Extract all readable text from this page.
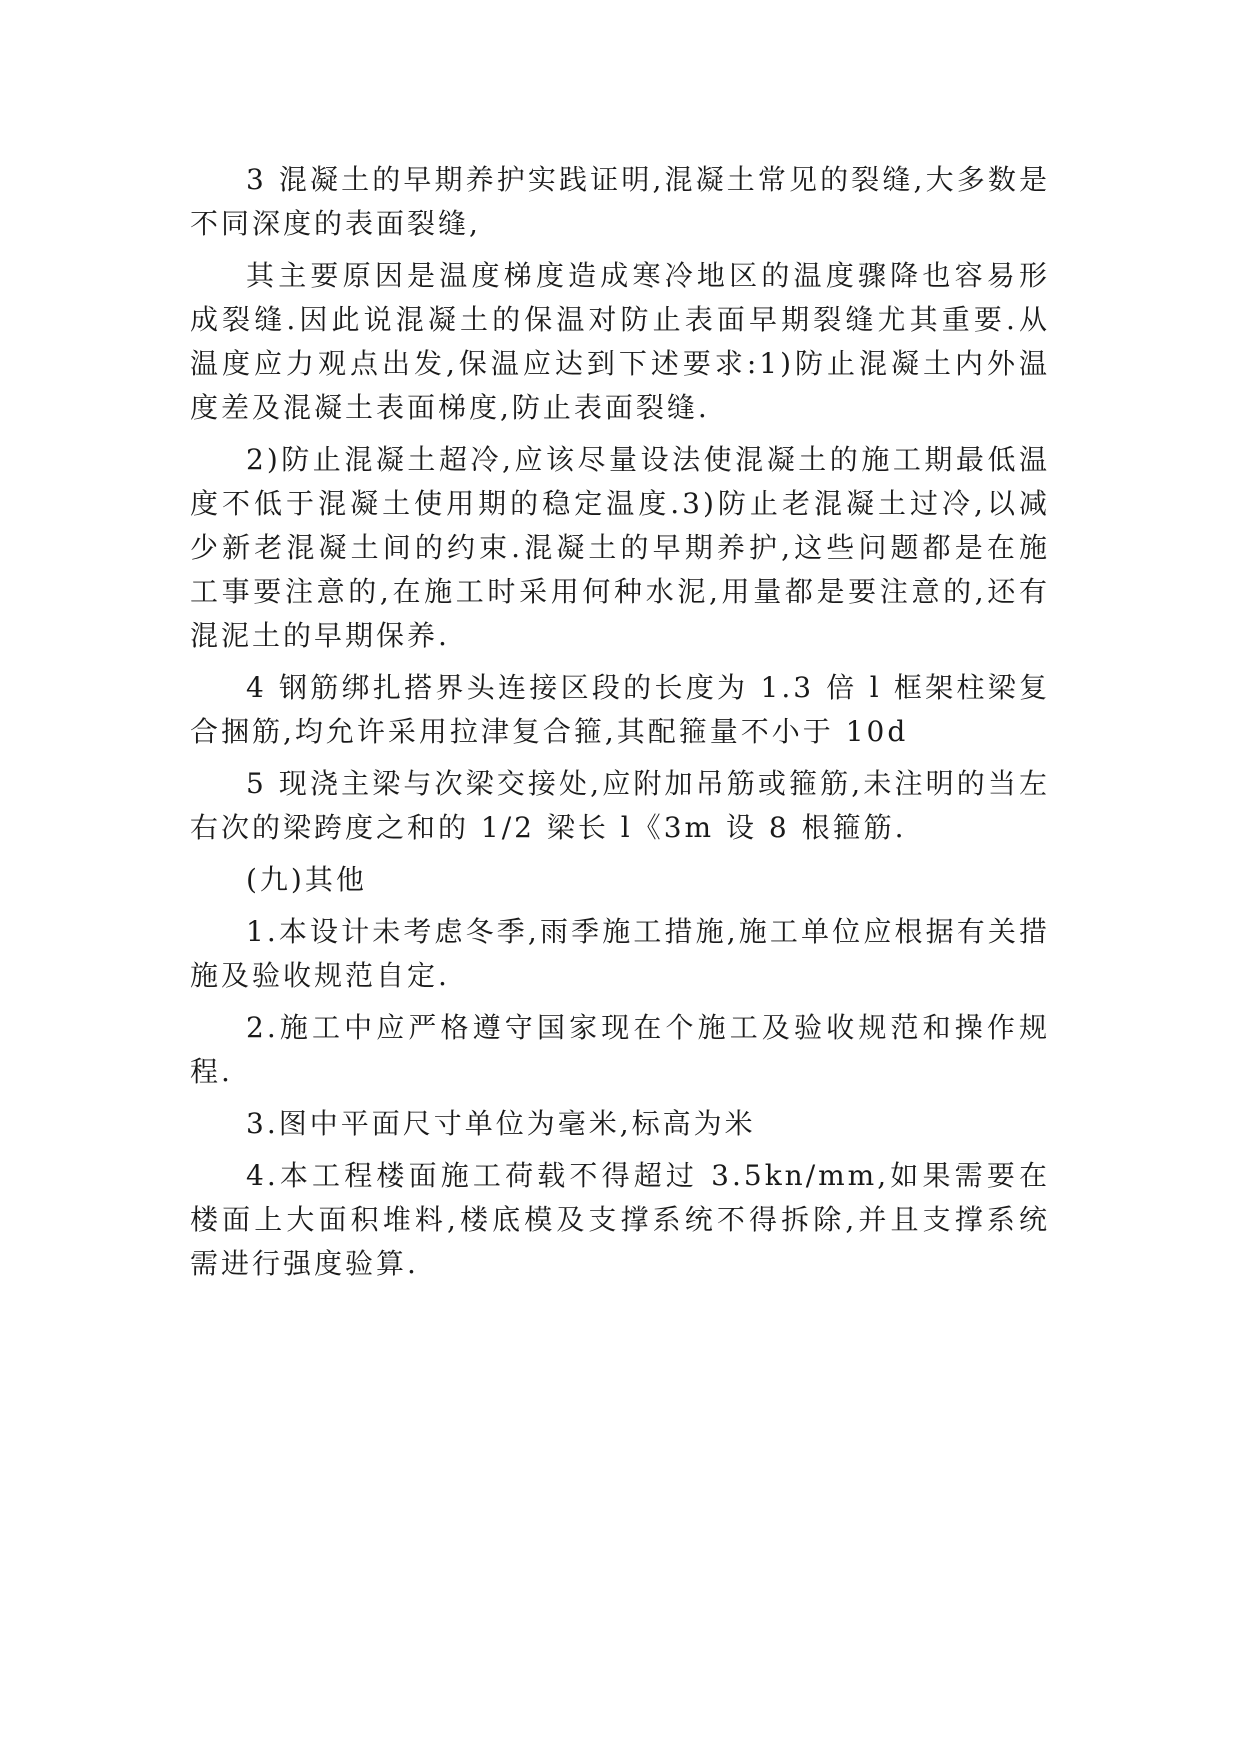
3 混凝土的早期养护实践证明,混凝土常见的裂缝,大多数是不同深度的表面裂缝,

其主要原因是温度梯度造成寒冷地区的温度骤降也容易形成裂缝.因此说混凝土的保温对防止表面早期裂缝尤其重要.从温度应力观点出发,保温应达到下述要求:1)防止混凝土内外温度差及混凝土表面梯度,防止表面裂缝.

2)防止混凝土超冷,应该尽量设法使混凝土的施工期最低温度不低于混凝土使用期的稳定温度.3)防止老混凝土过冷,以减少新老混凝土间的约束.混凝土的早期养护,这些问题都是在施工事要注意的,在施工时采用何种水泥,用量都是要注意的,还有混泥土的早期保养.

4 钢筋绑扎搭界头连接区段的长度为 1.3 倍 l 框架柱梁复合捆筋,均允许采用拉津复合箍,其配箍量不小于 10d

5 现浇主梁与次梁交接处,应附加吊筋或箍筋,未注明的当左右次的梁跨度之和的 1/2 梁长 l《3m 设 8 根箍筋.

(九)其他

1.本设计未考虑冬季,雨季施工措施,施工单位应根据有关措施及验收规范自定.

2.施工中应严格遵守国家现在个施工及验收规范和操作规程.

3.图中平面尺寸单位为毫米,标高为米

4.本工程楼面施工荷载不得超过 3.5kn/mm,如果需要在楼面上大面积堆料,楼底模及支撑系统不得拆除,并且支撑系统需进行强度验算.
